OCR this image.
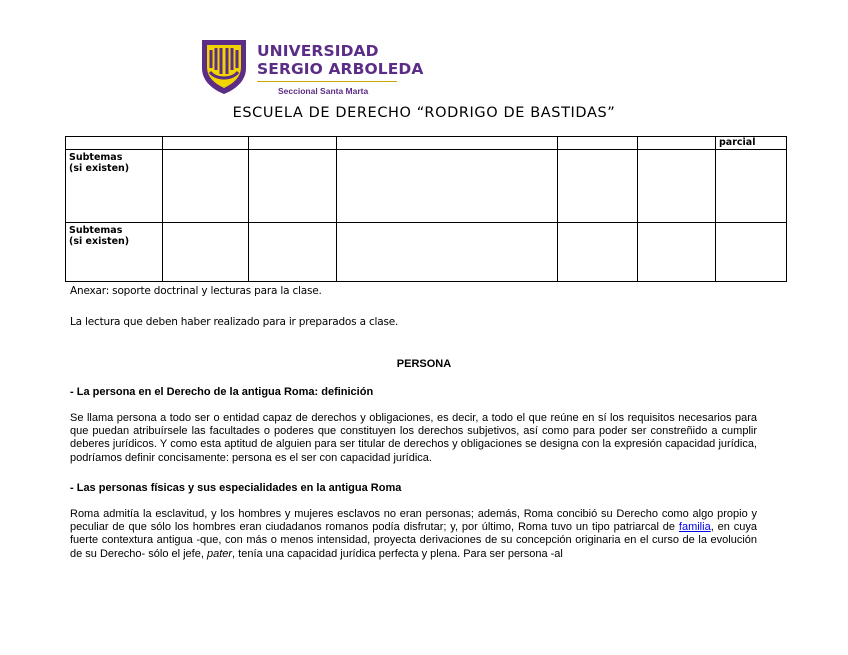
UNIVERSIDAD
SERGIO ARBOLEDA
Seccional Santa Marta
ESCUELA DE DERECHO “RODRIGO DE BASTIDAS”
						parcial
Subtemas
(si existen)						
Subtemas
(si existen)						
Anexar: soporte doctrinal y lecturas para la clase.
La lectura que deben haber realizado para ir preparados a clase.
PERSONA
- La persona en el Derecho de la antigua Roma: definición
Se llama persona a todo ser o entidad capaz de derechos y obligaciones, es decir, a todo el que reúne en sí los requisitos necesarios para que puedan atribuírsele las facultades o poderes que constituyen los derechos subjetivos, así como para poder ser constreñido a cumplir deberes jurídicos. Y como esta aptitud de alguien para ser titular de derechos y obligaciones se designa con la expresión capacidad jurídica, podríamos definir concisamente: persona es el ser con capacidad jurídica.
- Las personas físicas y sus especialidades en la antigua Roma
Roma admitía la esclavitud, y los hombres y mujeres esclavos no eran personas; además, Roma concibió su Derecho como algo propio y peculiar de que sólo los hombres eran ciudadanos romanos podía disfrutar; y, por último, Roma tuvo un tipo patriarcal de familia, en cuya fuerte contextura antigua -que, con más o menos intensidad, proyecta derivaciones de su concepción originaria en el curso de la evolución de su Derecho- sólo el jefe, pater, tenía una capacidad jurídica perfecta y plena. Para ser persona -al
